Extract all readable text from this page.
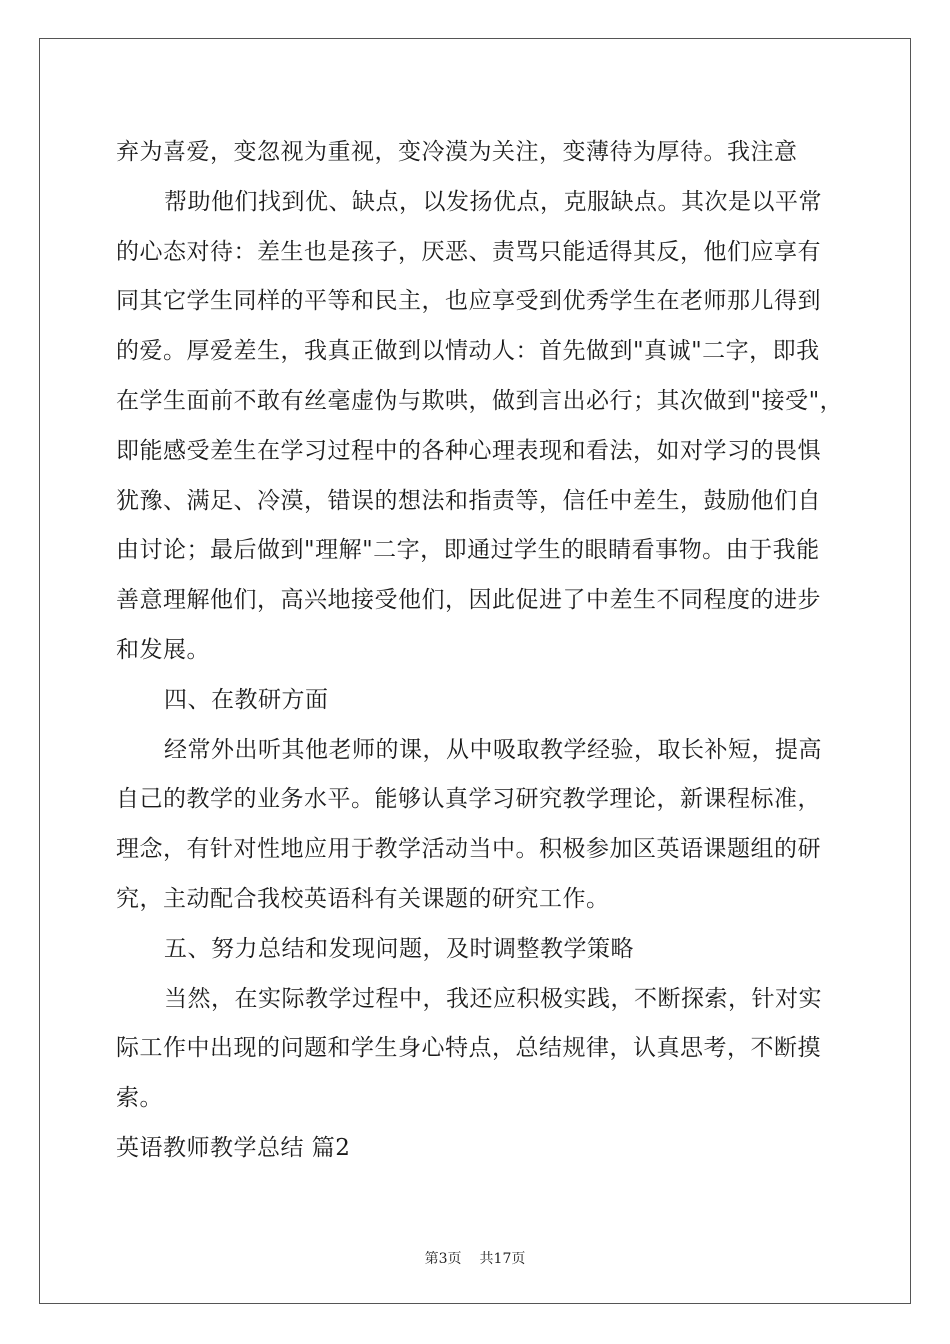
弃为喜爱，变忽视为重视，变冷漠为关注，变薄待为厚待。我注意
帮助他们找到优、缺点，以发扬优点，克服缺点。其次是以平常
的心态对待：差生也是孩子，厌恶、责骂只能适得其反，他们应享有
同其它学生同样的平等和民主，也应享受到优秀学生在老师那儿得到
的爱。厚爱差生，我真正做到以情动人：首先做到"真诚"二字，即我
在学生面前不敢有丝毫虚伪与欺哄，做到言出必行；其次做到"接受"，
即能感受差生在学习过程中的各种心理表现和看法，如对学习的畏惧
犹豫、满足、冷漠，错误的想法和指责等，信任中差生，鼓励他们自
由讨论；最后做到"理解"二字，即通过学生的眼睛看事物。由于我能
善意理解他们，高兴地接受他们，因此促进了中差生不同程度的进步
和发展。
四、在教研方面
经常外出听其他老师的课，从中吸取教学经验，取长补短，提高
自己的教学的业务水平。能够认真学习研究教学理论，新课程标准，
理念，有针对性地应用于教学活动当中。积极参加区英语课题组的研
究，主动配合我校英语科有关课题的研究工作。
五、努力总结和发现问题，及时调整教学策略
当然，在实际教学过程中，我还应积极实践，不断探索，针对实
际工作中出现的问题和学生身心特点，总结规律，认真思考，不断摸
索。
英语教师教学总结 篇2
第3页 共17页
